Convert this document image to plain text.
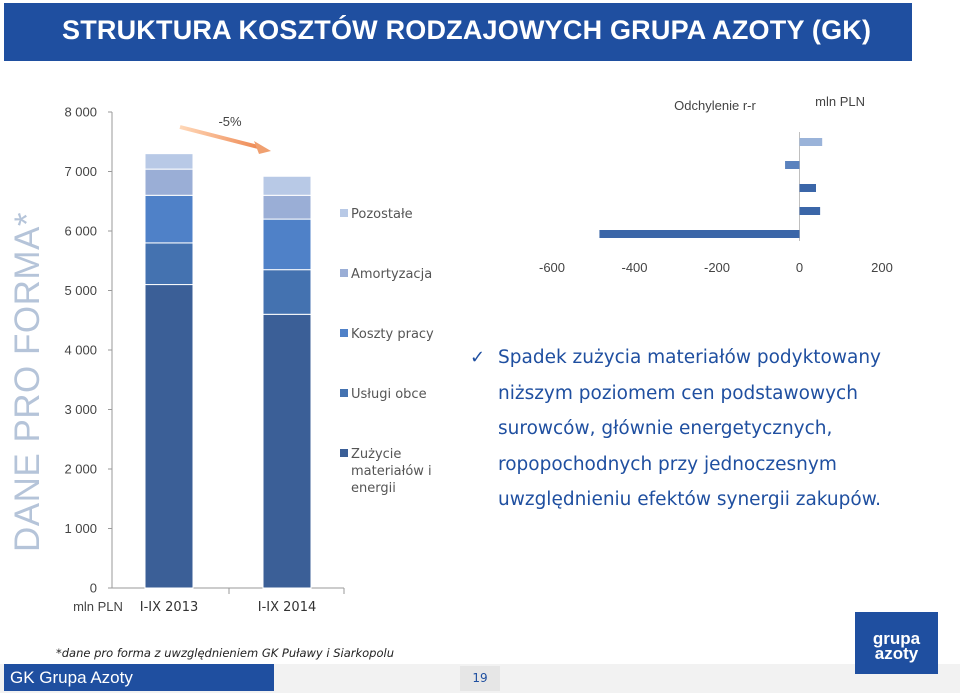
STRUKTURA KOSZTÓW RODZAJOWYCH GRUPA AZOTY (GK)
DANE PRO FORMA*
0
1 000
2 000
3 000
4 000
5 000
6 000
7 000
8 000
mln PLN I-IX 2013	I-IX 2014
-5%
Pozostałe
Amortyzacja
Koszty pracy
Usługi obce
Zużycie materiałów i energii
Odchylenie r-r	mln PLN
-600	-400	-200	0	200
✓ Spadek zużycia materiałów podyktowany niższym poziomem cen podstawowych surowców, głównie energetycznych, ropopochodnych przy jednoczesnym uwzględnieniu efektów synergii zakupów.
*dane pro forma z uwzględnieniem GK Puławy i Siarkopolu
GK Grupa Azoty	19
grupa
azoty
